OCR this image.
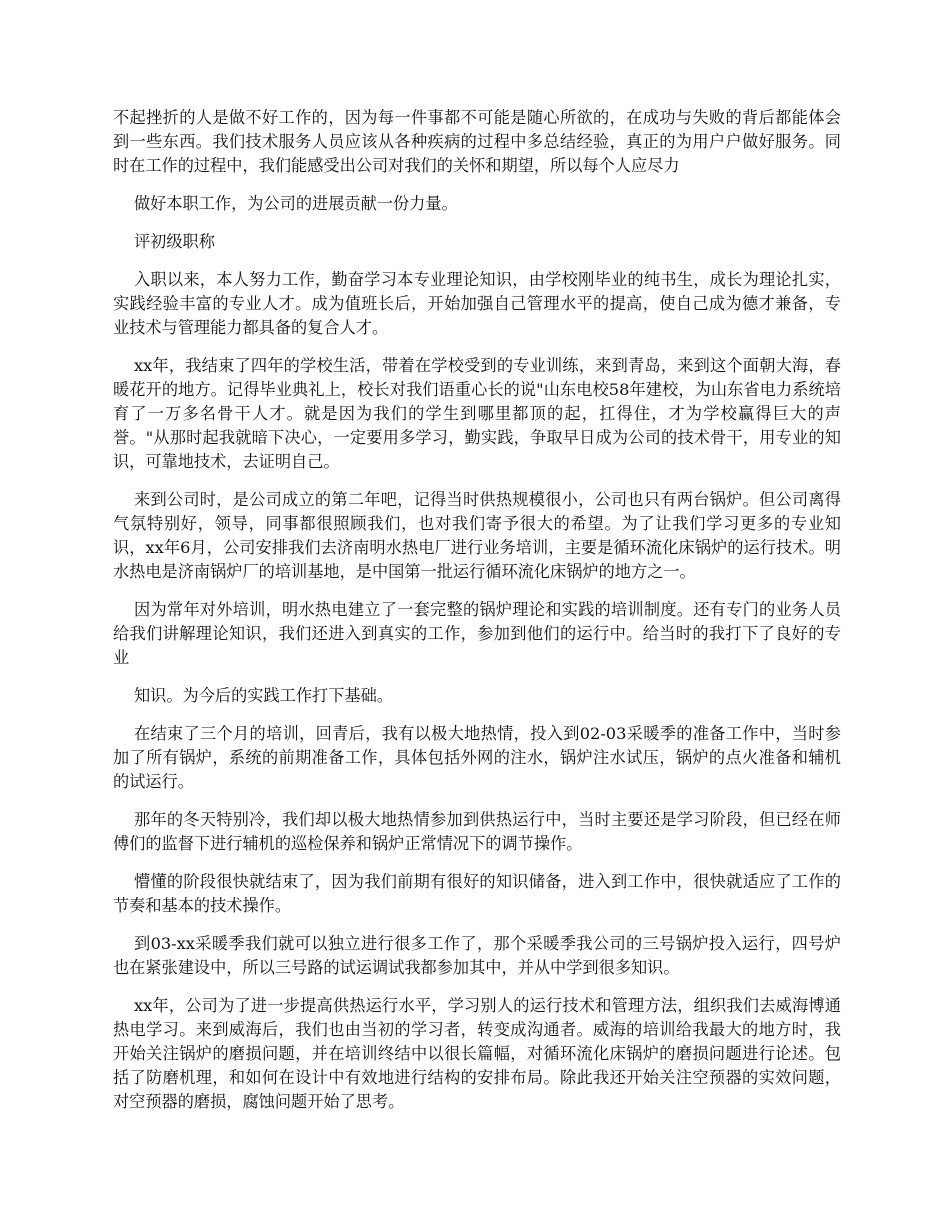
不起挫折的人是做不好工作的，因为每一件事都不可能是随心所欲的，在成功与失败的背后都能体会到一些东西。我们技术服务人员应该从各种疾病的过程中多总结经验，真正的为用户户做好服务。同时在工作的过程中，我们能感受出公司对我们的关怀和期望，所以每个人应尽力

做好本职工作，为公司的进展贡献一份力量。

评初级职称

入职以来，本人努力工作，勤奋学习本专业理论知识，由学校刚毕业的纯书生，成长为理论扎实，实践经验丰富的专业人才。成为值班长后，开始加强自己管理水平的提高，使自己成为德才兼备，专业技术与管理能力都具备的复合人才。

xx年，我结束了四年的学校生活，带着在学校受到的专业训练，来到青岛，来到这个面朝大海，春暖花开的地方。记得毕业典礼上，校长对我们语重心长的说"山东电校58年建校，为山东省电力系统培育了一万多名骨干人才。就是因为我们的学生到哪里都顶的起，扛得住，才为学校赢得巨大的声誉。"从那时起我就暗下决心，一定要用多学习，勤实践，争取早日成为公司的技术骨干，用专业的知识，可靠地技术，去证明自己。

来到公司时，是公司成立的第二年吧，记得当时供热规模很小，公司也只有两台锅炉。但公司离得气氛特别好，领导，同事都很照顾我们，也对我们寄予很大的希望。为了让我们学习更多的专业知识，xx年6月，公司安排我们去济南明水热电厂进行业务培训，主要是循环流化床锅炉的运行技术。明水热电是济南锅炉厂的培训基地，是中国第一批运行循环流化床锅炉的地方之一。

因为常年对外培训，明水热电建立了一套完整的锅炉理论和实践的培训制度。还有专门的业务人员给我们讲解理论知识，我们还进入到真实的工作，参加到他们的运行中。给当时的我打下了良好的专业

知识。为今后的实践工作打下基础。

在结束了三个月的培训，回青后，我有以极大地热情，投入到02-03采暖季的准备工作中，当时参加了所有锅炉，系统的前期准备工作，具体包括外网的注水，锅炉注水试压，锅炉的点火准备和辅机的试运行。

那年的冬天特别冷，我们却以极大地热情参加到供热运行中，当时主要还是学习阶段，但已经在师傅们的监督下进行辅机的巡检保养和锅炉正常情况下的调节操作。

懵懂的阶段很快就结束了，因为我们前期有很好的知识储备，进入到工作中，很快就适应了工作的节奏和基本的技术操作。

到03-xx采暖季我们就可以独立进行很多工作了，那个采暖季我公司的三号锅炉投入运行，四号炉也在紧张建设中，所以三号路的试运调试我都参加其中，并从中学到很多知识。

xx年，公司为了进一步提高供热运行水平，学习别人的运行技术和管理方法，组织我们去威海博通热电学习。来到威海后，我们也由当初的学习者，转变成沟通者。威海的培训给我最大的地方时，我开始关注锅炉的磨损问题，并在培训终结中以很长篇幅，对循环流化床锅炉的磨损问题进行论述。包括了防磨机理，和如何在设计中有效地进行结构的安排布局。除此我还开始关注空预器的实效问题，对空预器的磨损，腐蚀问题开始了思考。
